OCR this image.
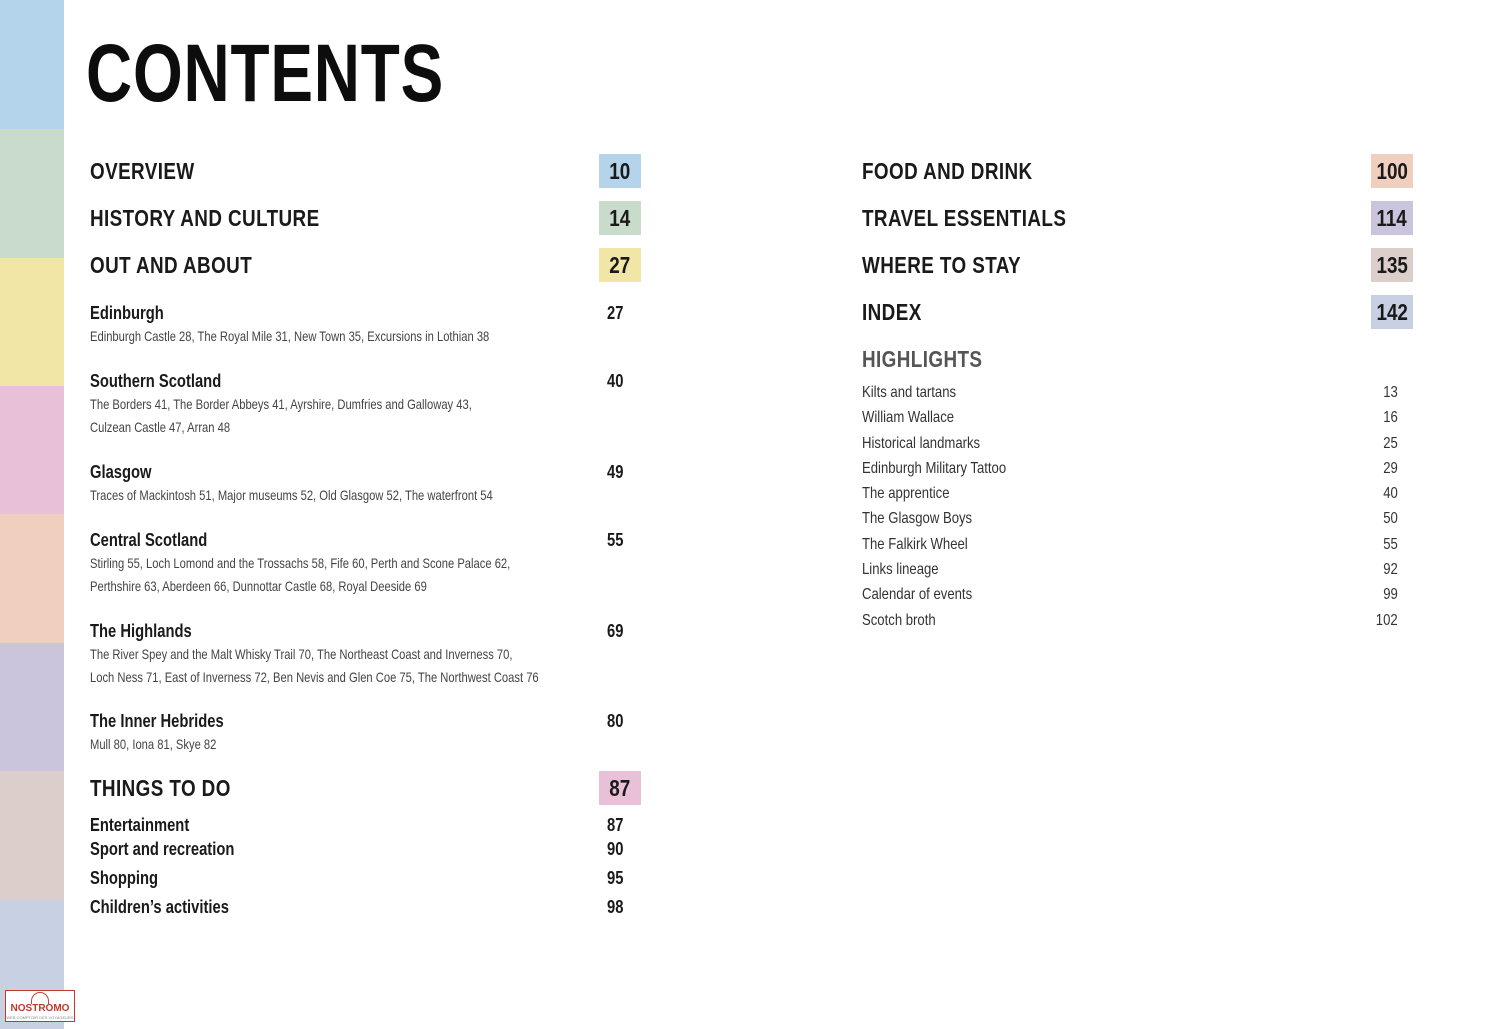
CONTENTS
OVERVIEW	10
HISTORY AND CULTURE	14
OUT AND ABOUT	27
Edinburgh	27
Edinburgh Castle 28, The Royal Mile 31, New Town 35, Excursions in Lothian 38
Southern Scotland	40
The Borders 41, The Border Abbeys 41, Ayrshire, Dumfries and Galloway 43,
Culzean Castle 47, Arran 48
Glasgow	49
Traces of Mackintosh 51, Major museums 52, Old Glasgow 52, The waterfront 54
Central Scotland	55
Stirling 55, Loch Lomond and the Trossachs 58, Fife 60, Perth and Scone Palace 62,
Perthshire 63, Aberdeen 66, Dunnottar Castle 68, Royal Deeside 69
The Highlands	69
The River Spey and the Malt Whisky Trail 70, The Northeast Coast and Inverness 70,
Loch Ness 71, East of Inverness 72, Ben Nevis and Glen Coe 75, The Northwest Coast 76
The Inner Hebrides	80
Mull 80, Iona 81, Skye 82
THINGS TO DO	87
Entertainment	87
Sport and recreation	90
Shopping	95
Children’s activities	98
FOOD AND DRINK	100
TRAVEL ESSENTIALS	114
WHERE TO STAY	135
INDEX	142
HIGHLIGHTS
Kilts and tartans	13
William Wallace	16
Historical landmarks	25
Edinburgh Military Tattoo	29
The apprentice	40
The Glasgow Boys	50
The Falkirk Wheel	55
Links lineage	92
Calendar of events	99
Scotch broth	102
NOSTROMO
WEB COMPTOIR DES VOYAGEURS
